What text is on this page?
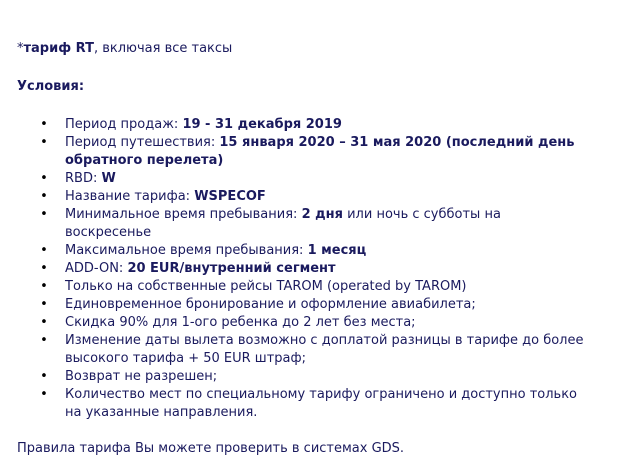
*тариф RT, включая все таксы

Условия:

• Период продаж: 19 - 31 декабря 2019
• Период путешествия: 15 января 2020 – 31 мая 2020 (последний день обратного перелета)
• RBD: W
• Название тарифа: WSPECOF
• Минимальное время пребывания: 2 дня или ночь с субботы на воскресенье
• Максимальное время пребывания: 1 месяц
• ADD-ON: 20 EUR/внутренний сегмент
• Только на собственные рейсы TAROM (operated by TAROM)
• Единовременное бронирование и оформление авиабилета;
• Скидка 90% для 1-ого ребенка до 2 лет без места;
• Изменение даты вылета возможно с доплатой разницы в тарифе до более высокого тарифа + 50 EUR штраф;
• Возврат не разрешен;
• Количество мест по специальному тарифу ограничено и доступно только на указанные направления.

Правила тарифа Вы можете проверить в системах GDS.
